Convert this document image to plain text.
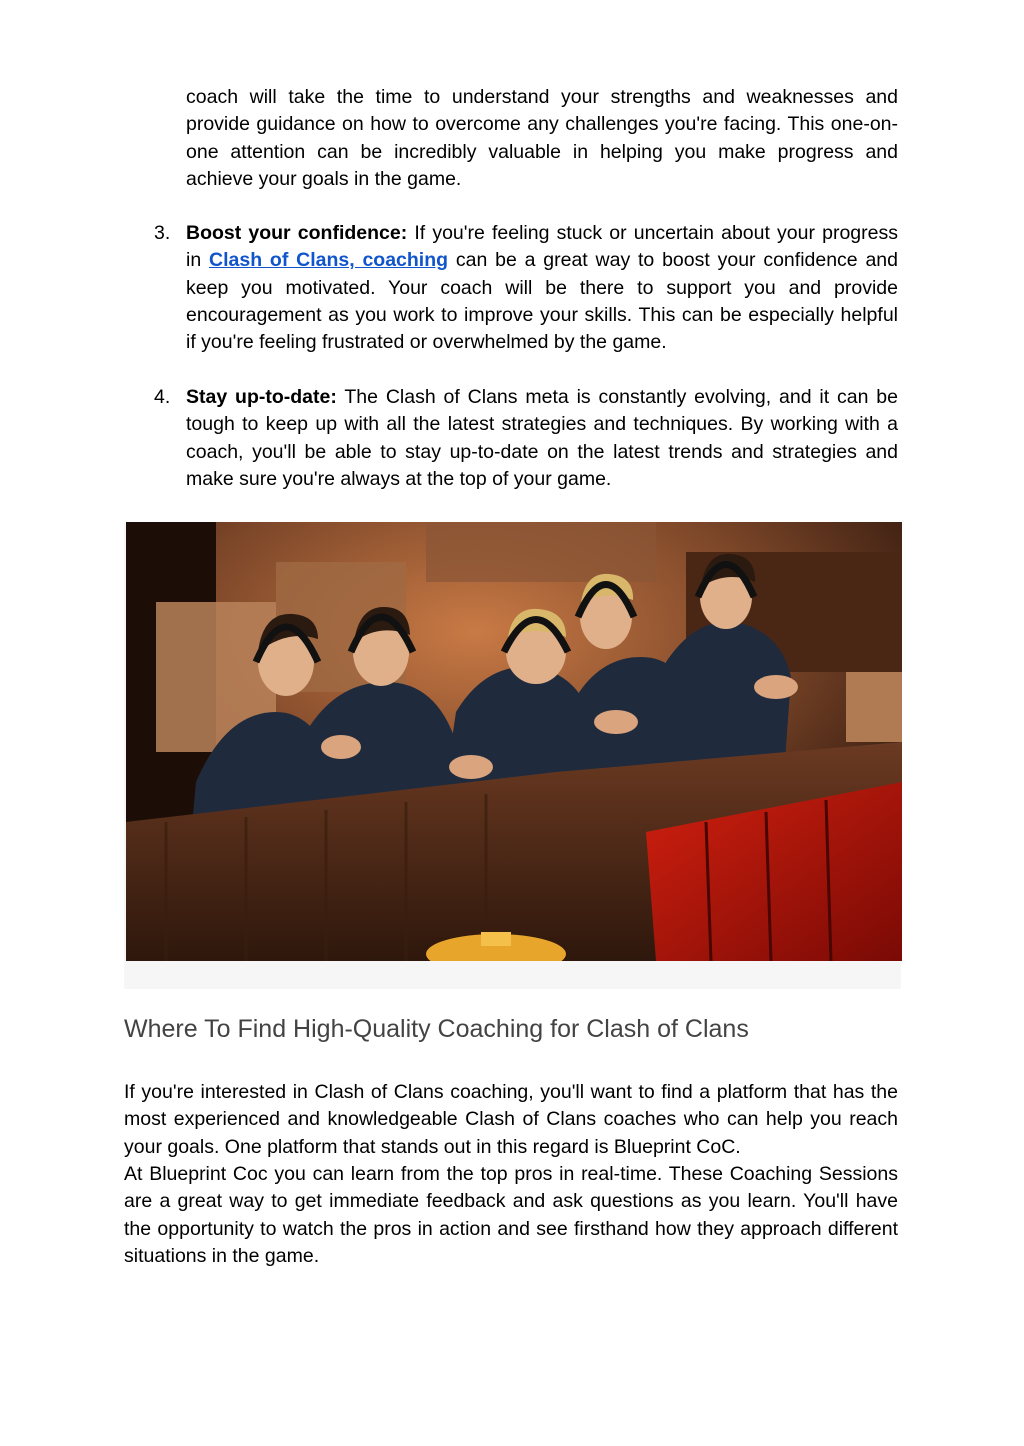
coach will take the time to understand your strengths and weaknesses and provide guidance on how to overcome any challenges you're facing. This one-on-one attention can be incredibly valuable in helping you make progress and achieve your goals in the game.

3. Boost your confidence: If you're feeling stuck or uncertain about your progress in Clash of Clans, coaching can be a great way to boost your confidence and keep you motivated. Your coach will be there to support you and provide encouragement as you work to improve your skills. This can be especially helpful if you're feeling frustrated or overwhelmed by the game.

4. Stay up-to-date: The Clash of Clans meta is constantly evolving, and it can be tough to keep up with all the latest strategies and techniques. By working with a coach, you'll be able to stay up-to-date on the latest trends and strategies and make sure you're always at the top of your game.

Where To Find High-Quality Coaching for Clash of Clans

If you're interested in Clash of Clans coaching, you'll want to find a platform that has the most experienced and knowledgeable Clash of Clans coaches who can help you reach your goals. One platform that stands out in this regard is Blueprint CoC.

At Blueprint Coc you can learn from the top pros in real-time. These Coaching Sessions are a great way to get immediate feedback and ask questions as you learn. You'll have the opportunity to watch the pros in action and see firsthand how they approach different situations in the game.
